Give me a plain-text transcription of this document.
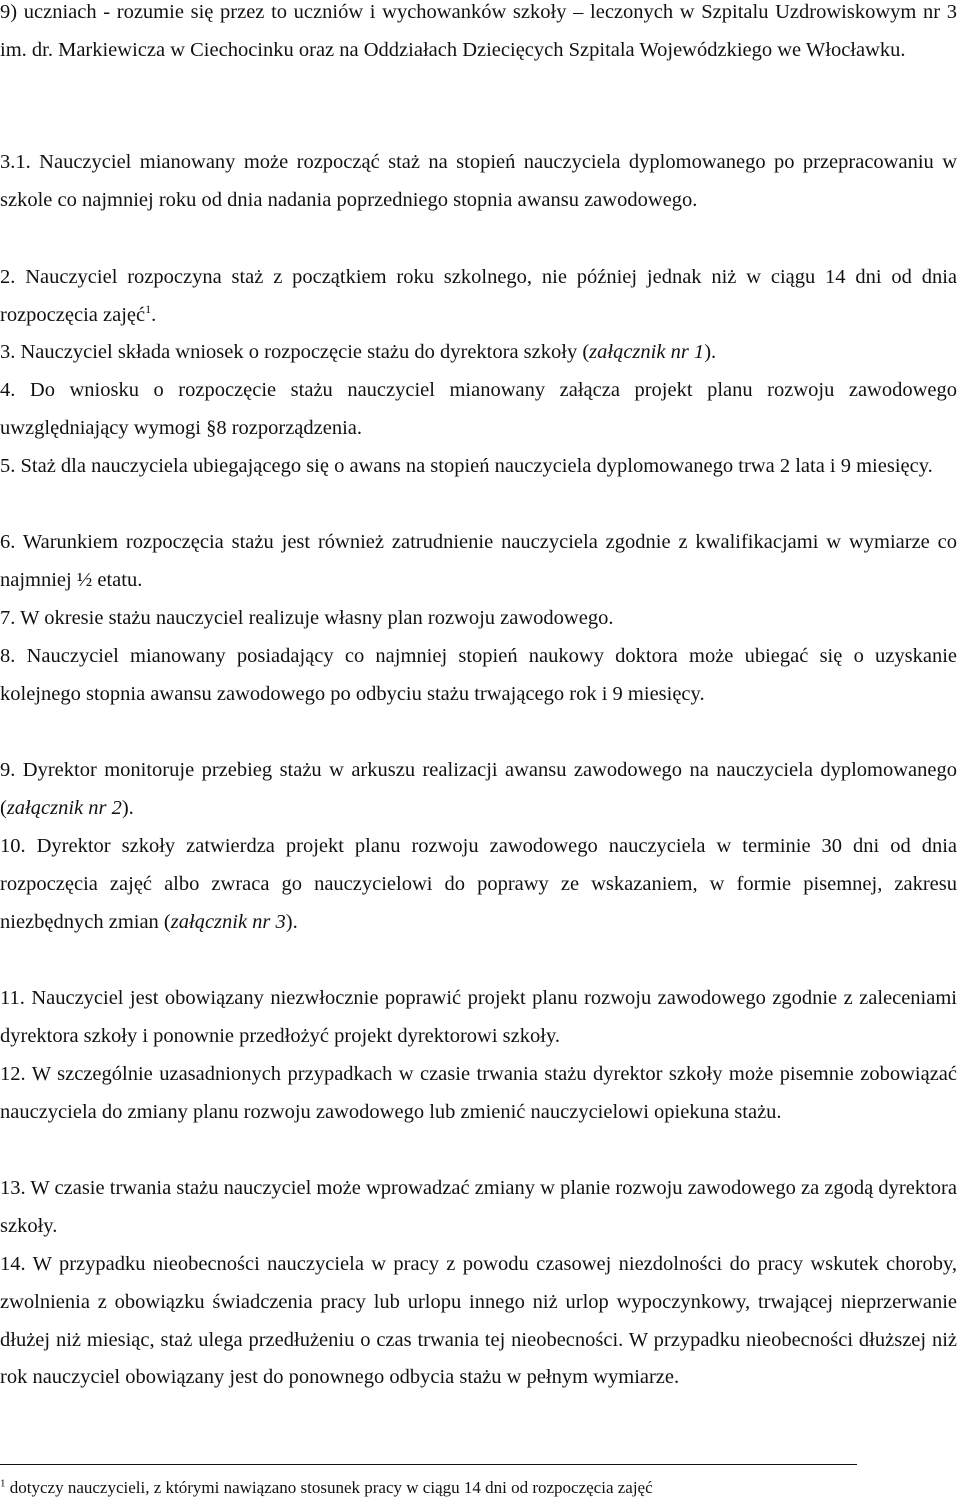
9) uczniach - rozumie się przez to uczniów i wychowanków szkoły – leczonych w Szpitalu Uzdrowiskowym nr 3 im. dr. Markiewicza w Ciechocinku oraz na Oddziałach Dziecięcych Szpitala Wojewódzkiego we Włocławku.
3.1. Nauczyciel mianowany może rozpocząć staż na stopień nauczyciela dyplomowanego po przepracowaniu w szkole co najmniej roku od dnia nadania poprzedniego stopnia awansu zawodowego.
2. Nauczyciel rozpoczyna staż z początkiem roku szkolnego, nie później jednak niż w ciągu 14 dni od dnia rozpoczęcia zajęć$^1$.
3. Nauczyciel składa wniosek o rozpoczęcie stażu do dyrektora szkoły (załącznik nr 1).
4. Do wniosku o rozpoczęcie stażu nauczyciel mianowany załącza projekt planu rozwoju zawodowego uwzględniający wymogi §8 rozporządzenia.
5. Staż dla nauczyciela ubiegającego się o awans na stopień nauczyciela dyplomowanego trwa 2 lata i 9 miesięcy.
6. Warunkiem rozpoczęcia stażu jest również zatrudnienie nauczyciela zgodnie z kwalifikacjami w wymiarze co najmniej ½ etatu.
7. W okresie stażu nauczyciel realizuje własny plan rozwoju zawodowego.
8. Nauczyciel mianowany posiadający co najmniej stopień naukowy doktora może ubiegać się o uzyskanie kolejnego stopnia awansu zawodowego po odbyciu stażu trwającego rok i 9 miesięcy.
9. Dyrektor monitoruje przebieg stażu w arkuszu realizacji awansu zawodowego na nauczyciela dyplomowanego (załącznik nr 2).
10. Dyrektor szkoły zatwierdza projekt planu rozwoju zawodowego nauczyciela w terminie 30 dni od dnia rozpoczęcia zajęć albo zwraca go nauczycielowi do poprawy ze wskazaniem, w formie pisemnej, zakresu niezbędnych zmian (załącznik nr 3).
11. Nauczyciel jest obowiązany niezwłocznie poprawić projekt planu rozwoju zawodowego zgodnie z zaleceniami dyrektora szkoły i ponownie przedłożyć projekt dyrektorowi szkoły.
12. W szczególnie uzasadnionych przypadkach w czasie trwania stażu dyrektor szkoły może pisemnie zobowiązać nauczyciela do zmiany planu rozwoju zawodowego lub zmienić nauczycielowi opiekuna stażu.
13. W czasie trwania stażu nauczyciel może wprowadzać zmiany w planie rozwoju zawodowego za zgodą dyrektora szkoły.
14. W przypadku nieobecności nauczyciela w pracy z powodu czasowej niezdolności do pracy wskutek choroby, zwolnienia z obowiązku świadczenia pracy lub urlopu innego niż urlop wypoczynkowy, trwającej nieprzerwanie dłużej niż miesiąc, staż ulega przedłużeniu o czas trwania tej nieobecności. W przypadku nieobecności dłuższej niż rok nauczyciel obowiązany jest do ponownego odbycia stażu w pełnym wymiarze.
$^1$ dotyczy nauczycieli, z którymi nawiązano stosunek pracy w ciągu 14 dni od rozpoczęcia zajęć
